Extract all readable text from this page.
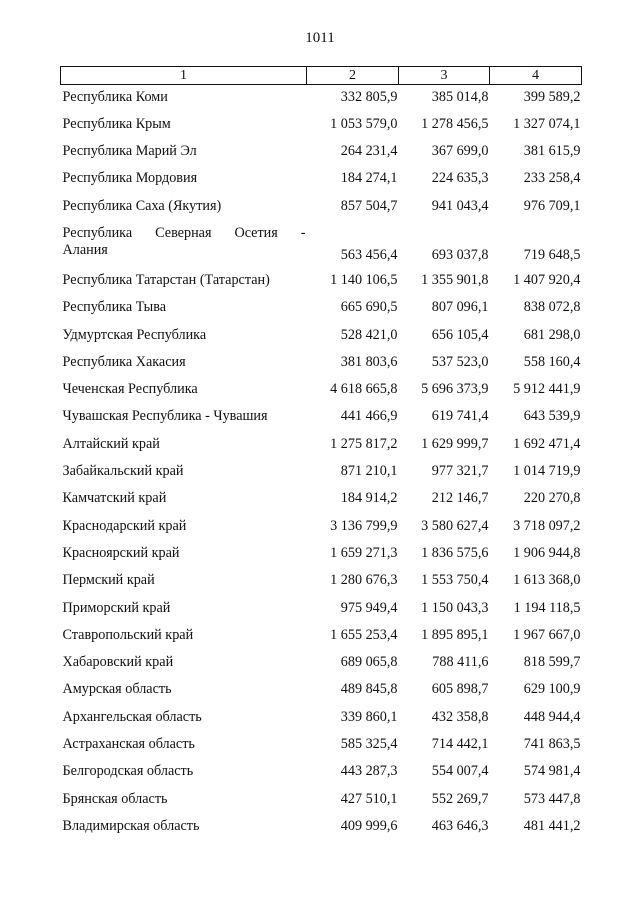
1011
1	2	3	4
Республика Коми	332 805,9	385 014,8	399 589,2
Республика Крым	1 053 579,0	1 278 456,5	1 327 074,1
Республика Марий Эл	264 231,4	367 699,0	381 615,9
Республика Мордовия	184 274,1	224 635,3	233 258,4
Республика Саха (Якутия)	857 504,7	941 043,4	976 709,1

Республика Северная Осетия -
Алания	563 456,4	693 037,8	719 648,5
Республика Татарстан (Татарстан)	1 140 106,5	1 355 901,8	1 407 920,4
Республика Тыва	665 690,5	807 096,1	838 072,8
Удмуртская Республика	528 421,0	656 105,4	681 298,0
Республика Хакасия	381 803,6	537 523,0	558 160,4
Чеченская Республика	4 618 665,8	5 696 373,9	5 912 441,9
Чувашская Республика - Чувашия	441 466,9	619 741,4	643 539,9
Алтайский край	1 275 817,2	1 629 999,7	1 692 471,4
Забайкальский край	871 210,1	977 321,7	1 014 719,9
Камчатский край	184 914,2	212 146,7	220 270,8
Краснодарский край	3 136 799,9	3 580 627,4	3 718 097,2
Красноярский край	1 659 271,3	1 836 575,6	1 906 944,8
Пермский край	1 280 676,3	1 553 750,4	1 613 368,0
Приморский край	975 949,4	1 150 043,3	1 194 118,5
Ставропольский край	1 655 253,4	1 895 895,1	1 967 667,0
Хабаровский край	689 065,8	788 411,6	818 599,7
Амурская область	489 845,8	605 898,7	629 100,9
Архангельская область	339 860,1	432 358,8	448 944,4
Астраханская область	585 325,4	714 442,1	741 863,5
Белгородская область	443 287,3	554 007,4	574 981,4
Брянская область	427 510,1	552 269,7	573 447,8
Владимирская область	409 999,6	463 646,3	481 441,2
